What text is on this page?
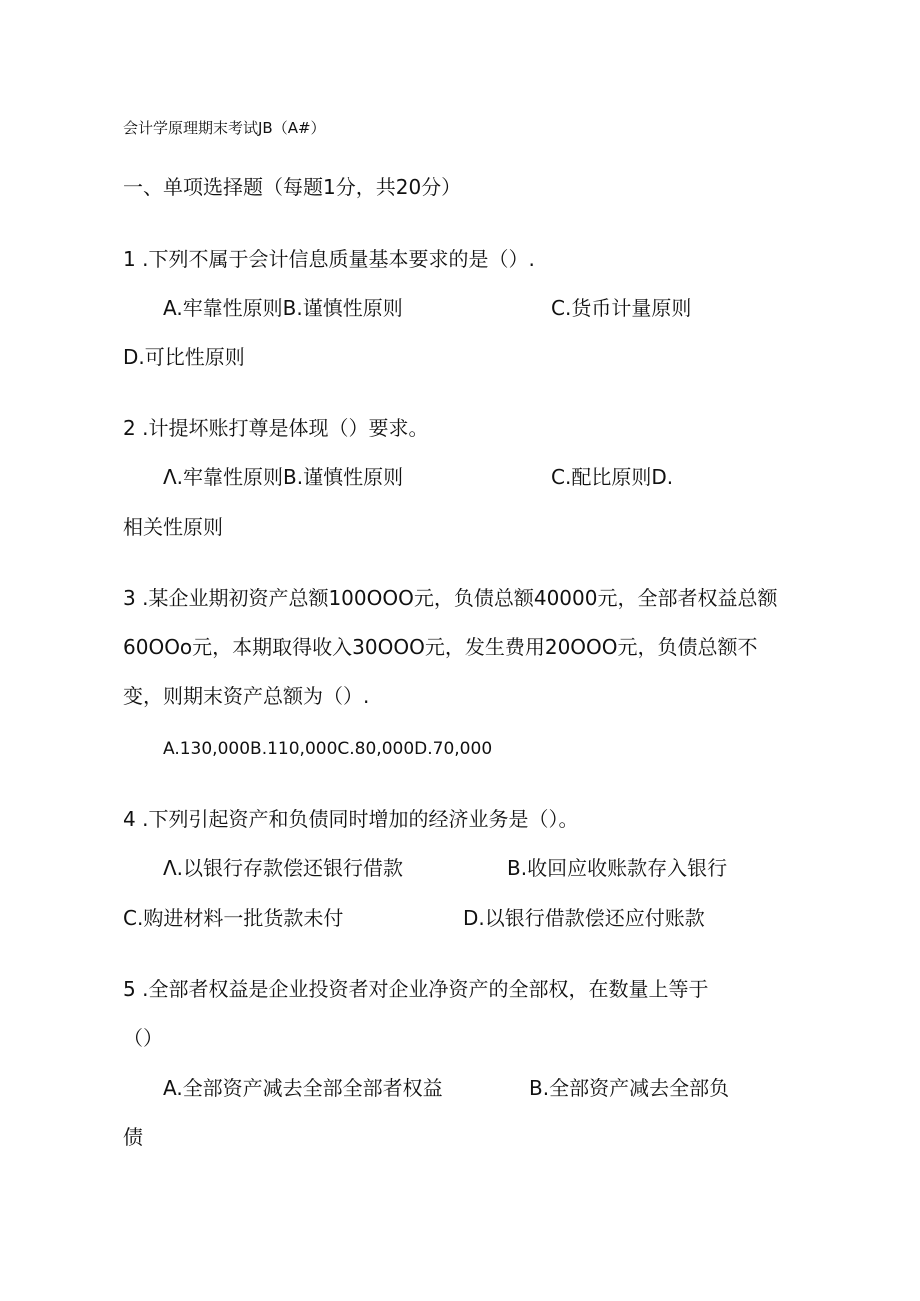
会计学原理期末考试JB（A#）
一、单项选择题（每题1分，共20分）
1 .下列不属于会计信息质量基本要求的是（）.
A.牢靠性原则B.谨慎性原则	C.货币计量原则
D.可比性原则
2 .计提坏账打尊是体现（）要求。
Λ.牢靠性原则B.谨慎性原则	C.配比原则D.
相关性原则
3 .某企业期初资产总额100OOO元，负债总额40000元，全部者权益总额
60OOo元，本期取得收入30OOO元，发生费用20OOO元，负债总额不
变，则期末资产总额为（）.
A.130,000B.110,000C.80,000D.70,000
4 .下列引起资产和负债同时增加的经济业务是（）。
Λ.以银行存款偿还银行借款	B.收回应收账款存入银行
C.购进材料一批货款未付	D.以银行借款偿还应付账款
5 .全部者权益是企业投资者对企业净资产的全部权，在数量上等于
（）
A.全部资产减去全部全部者权益	B.全部资产减去全部负
债
